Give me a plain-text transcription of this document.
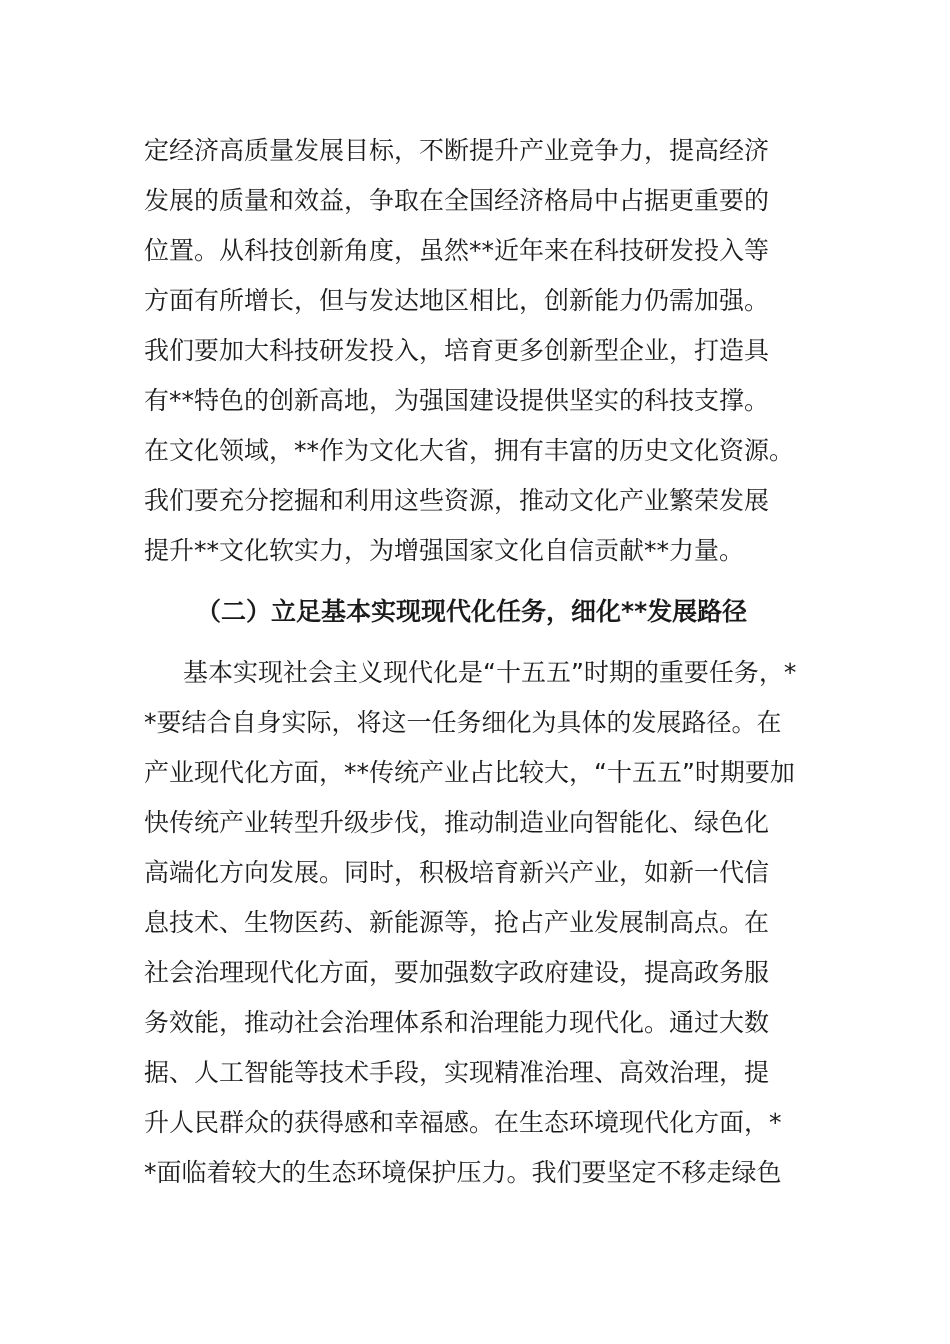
定经济高质量发展目标，不断提升产业竞争力，提高经济
发展的质量和效益，争取在全国经济格局中占据更重要的
位置。从科技创新角度，虽然**近年来在科技研发投入等
方面有所增长，但与发达地区相比，创新能力仍需加强。
我们要加大科技研发投入，培育更多创新型企业，打造具
有**特色的创新高地，为强国建设提供坚实的科技支撑。
在文化领域，**作为文化大省，拥有丰富的历史文化资源。
我们要充分挖掘和利用这些资源，推动文化产业繁荣发展
提升**文化软实力，为增强国家文化自信贡献**力量。
（二）立足基本实现现代化任务，细化**发展路径
基本实现社会主义现代化是“十五五”时期的重要任务，*
*要结合自身实际，将这一任务细化为具体的发展路径。在
产业现代化方面，**传统产业占比较大，“十五五”时期要加
快传统产业转型升级步伐，推动制造业向智能化、绿色化
高端化方向发展。同时，积极培育新兴产业，如新一代信
息技术、生物医药、新能源等，抢占产业发展制高点。在
社会治理现代化方面，要加强数字政府建设，提高政务服
务效能，推动社会治理体系和治理能力现代化。通过大数
据、人工智能等技术手段，实现精准治理、高效治理，提
升人民群众的获得感和幸福感。在生态环境现代化方面，*
*面临着较大的生态环境保护压力。我们要坚定不移走绿色
